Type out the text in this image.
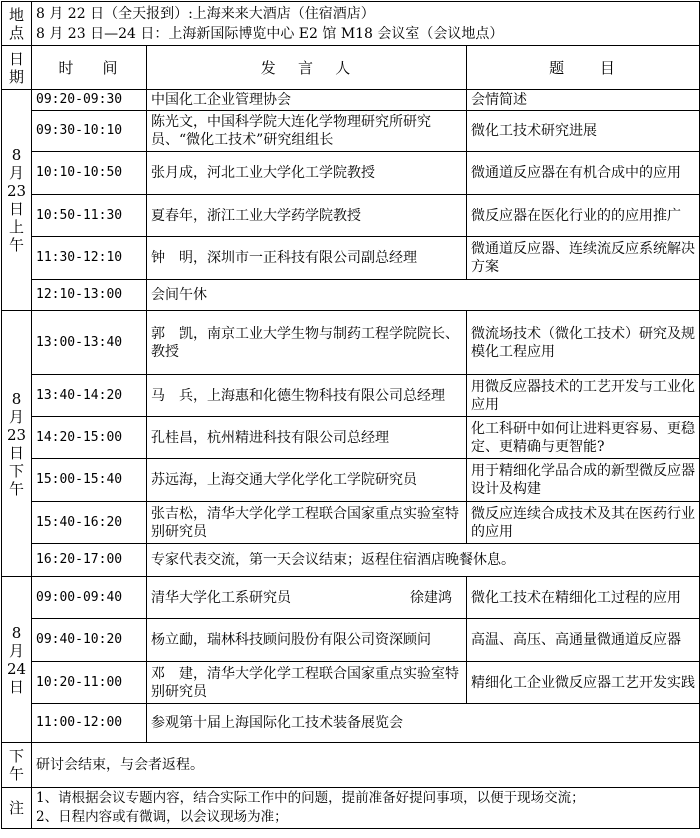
地点	8 月 22 日（全天报到）:上海来来大酒店（住宿酒店）
8 月 23 日—24 日：上海新国际博览中心 E2 馆 M18 会议室（会议地点）		

日期	时    间	发   言   人	题     目
8月23日上午	09:20-09:30	中国化工企业管理协会	会情简述
	09:30-10:10	陈光文，中国科学院大连化学物理研究所研究员、“微化工技术”研究组组长	微化工技术研究进展
	10:10-10:50	张月成，河北工业大学化工学院教授	微通道反应器在有机合成中的应用
	10:50-11:30	夏春年，浙江工业大学药学院教授	微反应器在医化行业的的应用推广
	11:30-12:10	钟　明，深圳市一正科技有限公司副总经理	微通道反应器、连续流反应系统解决方案
	12:10-13:00	会间午休	
8月23日下午	13:00-13:40	郭　凯，南京工业大学生物与制药工程学院院长、教授	微流场技术（微化工技术）研究及规模化工程应用
	13:40-14:20	马　兵，上海惠和化德生物科技有限公司总经理	用微反应器技术的工艺开发与工业化应用
	14:20-15:00	孔桂昌，杭州精进科技有限公司总经理	化工科研中如何让进料更容易、更稳定、更精确与更智能?
	15:00-15:40	苏远海，上海交通大学化学化工学院研究员	用于精细化学品合成的新型微反应器设计及构建
	15:40-16:20	张吉松，清华大学化学工程联合国家重点实验室特别研究员	微反应连续合成技术及其在医药行业的应用
	16:20-17:00	专家代表交流，第一天会议结束；返程住宿酒店晚餐休息。	
8月24日	09:00-09:40	清华大学化工系研究员 徐建鸿	微化工技术在精细化工过程的应用
	09:40-10:20	杨立勔，瑞林科技顾问股份有限公司资深顾问	高温、高压、高通量微通道反应器
	10:20-11:00	邓　建，清华大学化学工程联合国家重点实验室特别研究员	精细化工企业微反应器工艺开发实践
	11:00-12:00	参观第十届上海国际化工技术装备展览会	
下午	研讨会结束，与会者返程。		
注	1、请根据会议专题内容，结合实际工作中的问题，提前准备好提问事项，以便于现场交流；
2、日程内容或有微调，以会议现场为准；		
